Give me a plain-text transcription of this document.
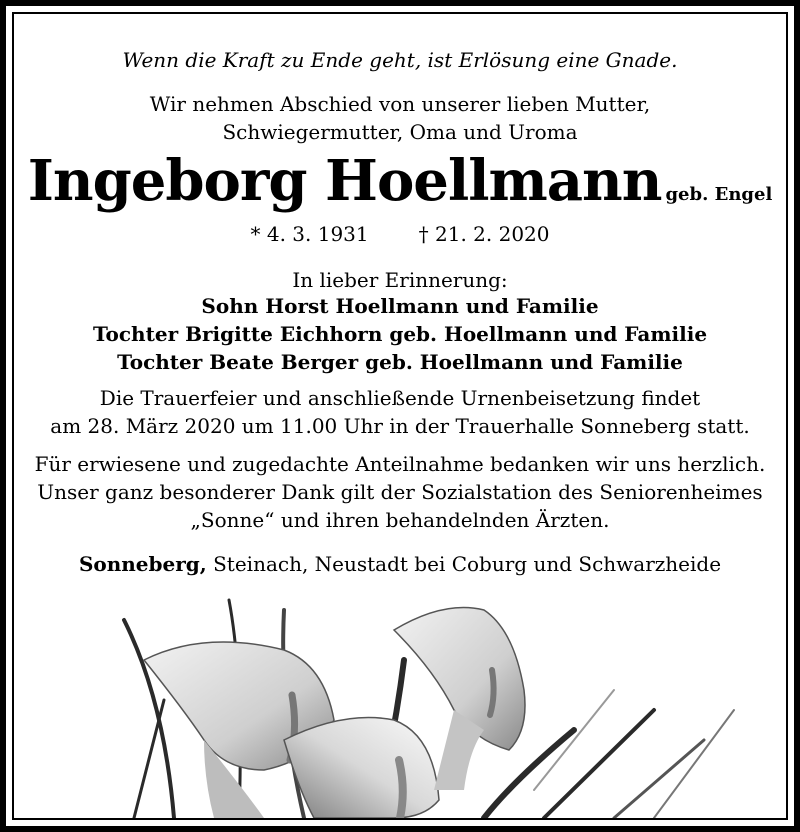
Wenn die Kraft zu Ende geht, ist Erlösung eine Gnade.
Wir nehmen Abschied von unserer lieben Mutter,
Schwiegermutter, Oma und Uroma
Ingeborg Hoellmann geb. Engel
* 4. 3. 1931	† 21. 2. 2020
In lieber Erinnerung:
Sohn Horst Hoellmann und Familie
Tochter Brigitte Eichhorn geb. Hoellmann und Familie
Tochter Beate Berger geb. Hoellmann und Familie
Die Trauerfeier und anschließende Urnenbeisetzung findet
am 28. März 2020 um 11.00 Uhr in der Trauerhalle Sonneberg statt.
Für erwiesene und zugedachte Anteilnahme bedanken wir uns herzlich.
Unser ganz besonderer Dank gilt der Sozialstation des Seniorenheimes
„Sonne“ und ihren behandelnden Ärzten.
Sonneberg, Steinach, Neustadt bei Coburg und Schwarzheide
